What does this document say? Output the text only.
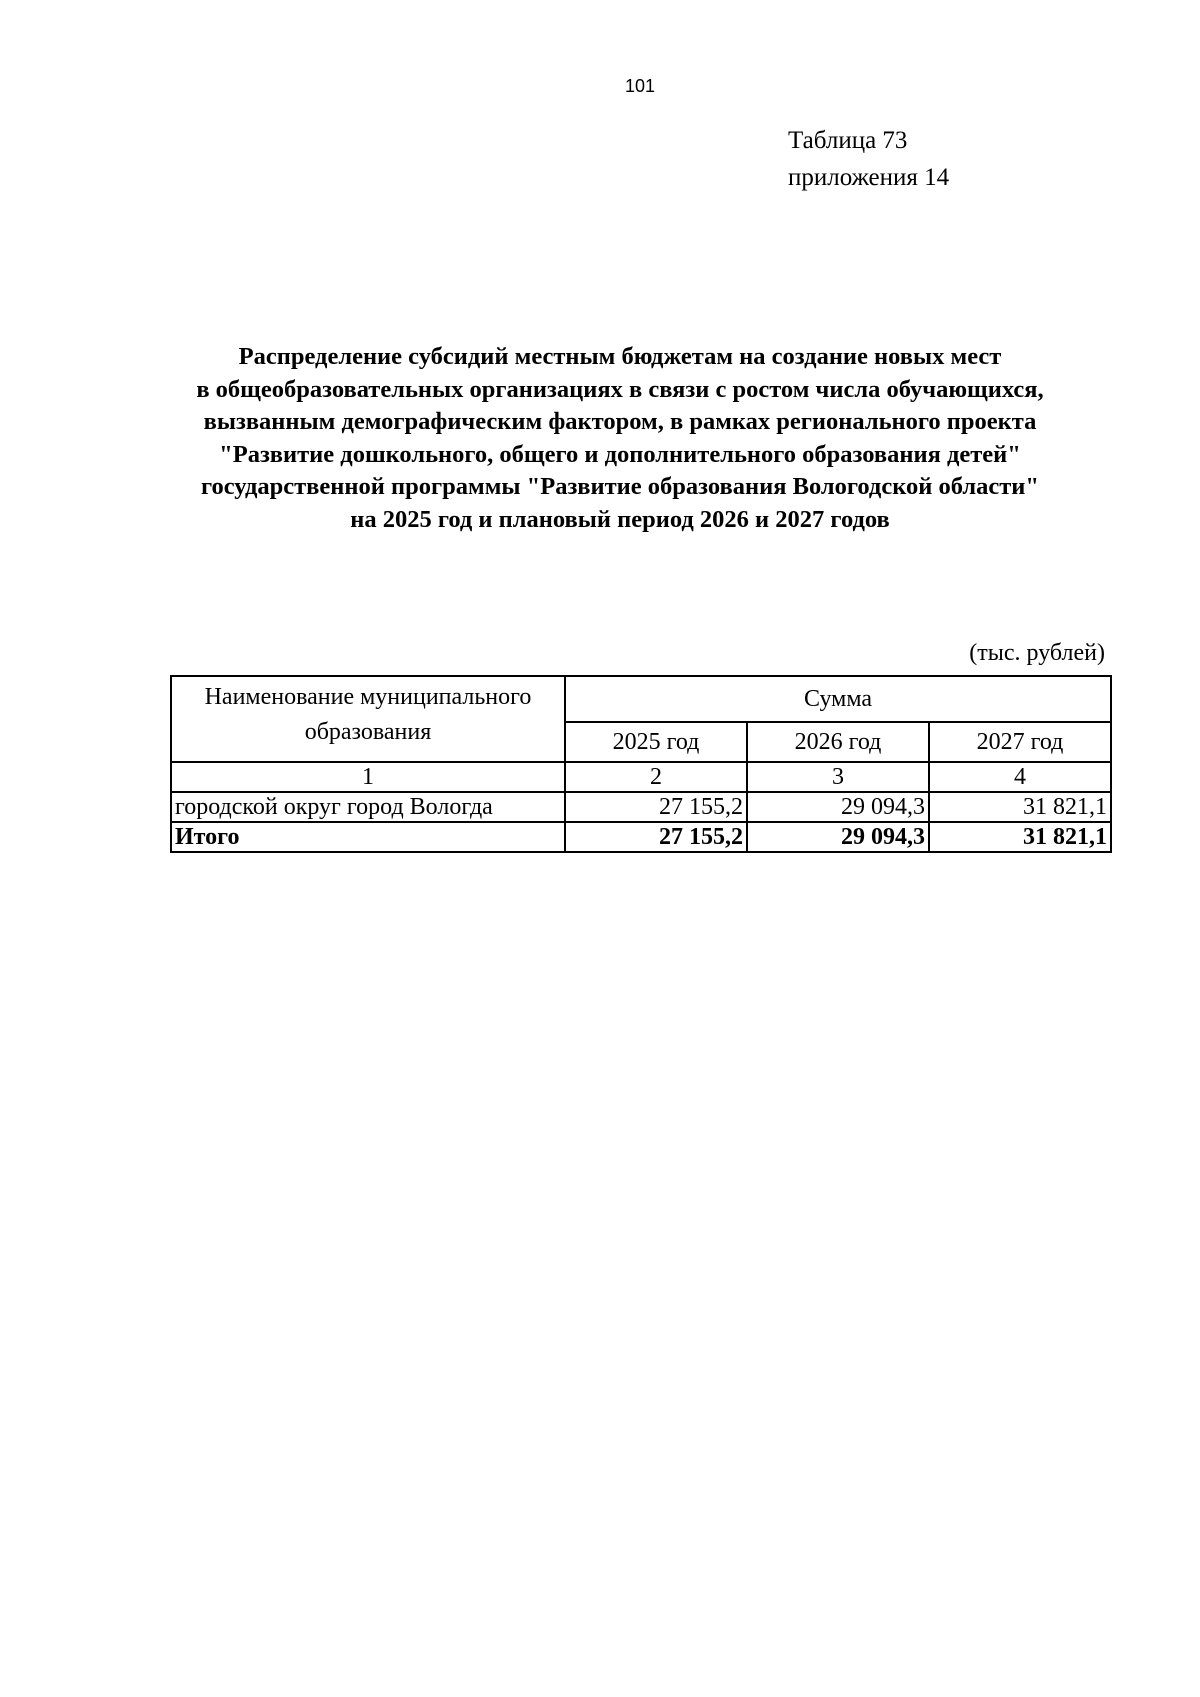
101
Таблица 73
приложения 14
Распределение субсидий местным бюджетам на создание новых мест
в общеобразовательных организациях в связи с ростом числа обучающихся,
вызванным демографическим фактором, в рамках регионального проекта
"Развитие дошкольного, общего и дополнительного образования детей"
государственной программы "Развитие образования Вологодской области"
на 2025 год и плановый период 2026 и 2027 годов
(тыс. рублей)
Наименование муниципального образования	Сумма		
	2025 год	2026 год	2027 год
1	2	3	4
городской округ город Вологда	27 155,2	29 094,3	31 821,1
Итого	27 155,2	29 094,3	31 821,1
